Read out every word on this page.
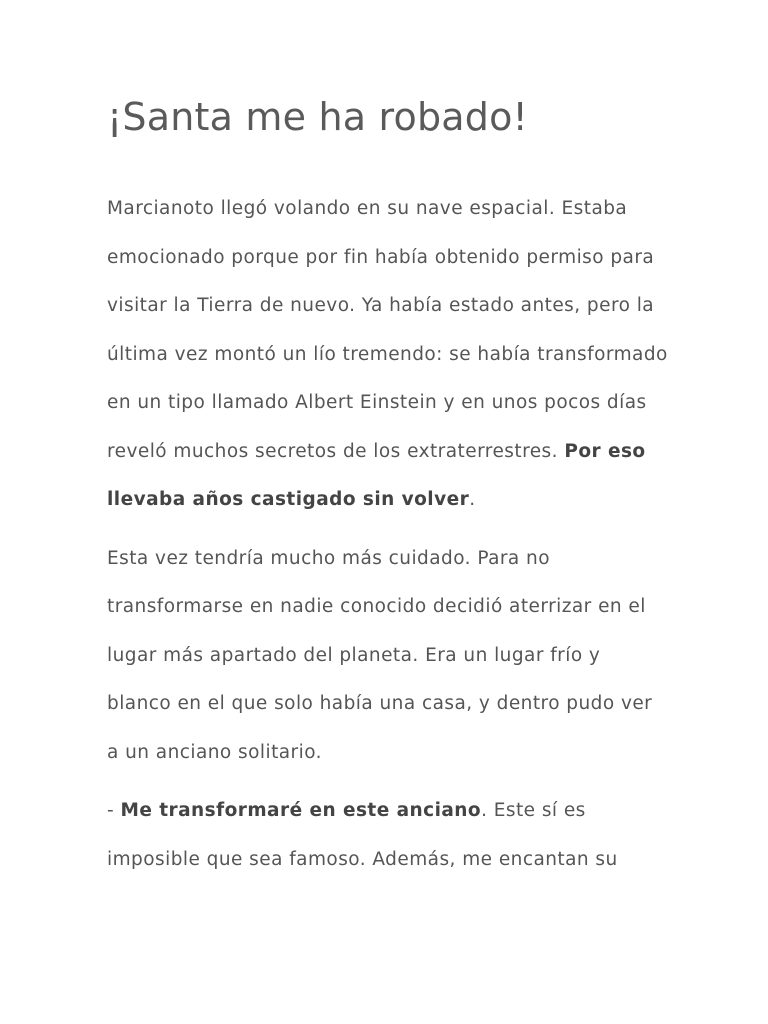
¡Santa me ha robado!

Marcianoto llegó volando en su nave espacial. Estaba emocionado porque por fin había obtenido permiso para visitar la Tierra de nuevo. Ya había estado antes, pero la última vez montó un lío tremendo: se había transformado en un tipo llamado Albert Einstein y en unos pocos días reveló muchos secretos de los extraterrestres. Por eso llevaba años castigado sin volver.

Esta vez tendría mucho más cuidado. Para no transformarse en nadie conocido decidió aterrizar en el lugar más apartado del planeta. Era un lugar frío y blanco en el que solo había una casa, y dentro pudo ver a un anciano solitario.

- Me transformaré en este anciano. Este sí es imposible que sea famoso. Además, me encantan su
